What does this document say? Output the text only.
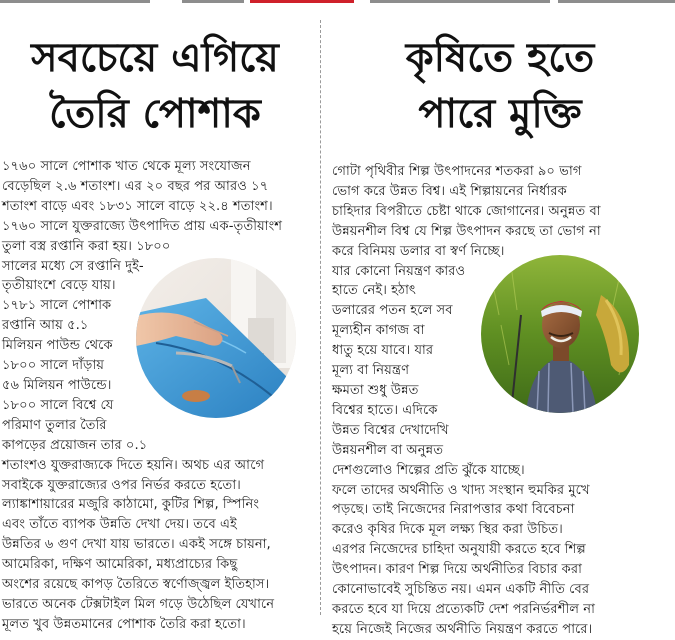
সবচেয়ে এগিয়ে
তৈরি পোশাক

১৭৬০ সালে পোশাক খাত থেকে মূল্য সংযোজন

বেড়েছিল ২.৬ শতাংশ। এর ২০ বছর পর আরও ১৭

শতাংশ বাড়ে এবং ১৮৩১ সালে বাড়ে ২২.৪ শতাংশ।

১৭৬০ সালে যুক্তরাজ্যে উৎপাদিত প্রায় এক-তৃতীয়াংশ

তুলা বস্ত্র রপ্তানি করা হয়। ১৮০০

সালের মধ্যে সে রপ্তানি দুই-

তৃতীয়াংশে বেড়ে যায়।

১৭৮১ সালে পোশাক

রপ্তানি আয় ৫.১

মিলিয়ন পাউন্ড থেকে

১৮০০ সালে দাঁড়ায়

৫৬ মিলিয়ন পাউন্ডে।

১৮০০ সালে বিশ্বে যে

পরিমাণ তুলার তৈরি

কাপড়ের প্রয়োজন তার ০.১

শতাংশও যুক্তরাজ্যকে দিতে হয়নি। অথচ এর আগে

সবাইকে যুক্তরাজ্যের ওপর নির্ভর করতে হতো।

ল্যাঙ্কাশায়ারের মজুরি কাঠামো, কুটির শিল্প, স্পিনিং

এবং তাঁতে ব্যাপক উন্নতি দেখা দেয়। তবে এই

উন্নতির ৬ গুণ দেখা যায় ভারতে। একই সঙ্গে চায়না,

আমেরিকা, দক্ষিণ আমেরিকা, মধ্যপ্রাচ্যের কিছু

অংশের রয়েছে কাপড় তৈরিতে স্বর্ণোজ্জ্বল ইতিহাস।

ভারতে অনেক টেক্সটাইল মিল গড়ে উঠেছিল যেখানে

মূলত খুব উন্নতমানের পোশাক তৈরি করা হতো।

কৃষিতে হতে
পারে মুক্তি

গোটা পৃথিবীর শিল্প উৎপাদনের শতকরা ৯০ ভাগ

ভোগ করে উন্নত বিশ্ব। এই শিল্পায়নের নির্ধারক

চাহিদার বিপরীতে চেষ্টা থাকে জোগানের। অনুন্নত বা

উন্নয়নশীল বিশ্ব যে শিল্প উৎপাদন করছে তা ভোগ না

করে বিনিময় ডলার বা স্বর্ণ নিচ্ছে।

যার কোনো নিয়ন্ত্রণ কারও

হাতে নেই। হঠাৎ

ডলারের পতন হলে সব

মূল্যহীন কাগজ বা

ধাতু হয়ে যাবে। যার

মূল্য বা নিয়ন্ত্রণ

ক্ষমতা শুধু উন্নত

বিশ্বের হাতে। এদিকে

উন্নত বিশ্বের দেখাদেখি

উন্নয়নশীল বা অনুন্নত

দেশগুলোও শিল্পের প্রতি ঝুঁকে যাচ্ছে।

ফলে তাদের অর্থনীতি ও খাদ্য সংস্থান হুমকির মুখে

পড়ছে। তাই নিজেদের নিরাপত্তার কথা বিবেচনা

করেও কৃষির দিকে মূল লক্ষ্য স্থির করা উচিত।

এরপর নিজেদের চাহিদা অনুযায়ী করতে হবে শিল্প

উৎপাদন। কারণ শিল্প দিয়ে অর্থনীতির বিচার করা

কোনোভাবেই সুচিন্তিত নয়। এমন একটি নীতি বের

করতে হবে যা দিয়ে প্রত্যেকটি দেশ পরনির্ভরশীল না

হয়ে নিজেই নিজের অর্থনীতি নিয়ন্ত্রণ করতে পারে।
